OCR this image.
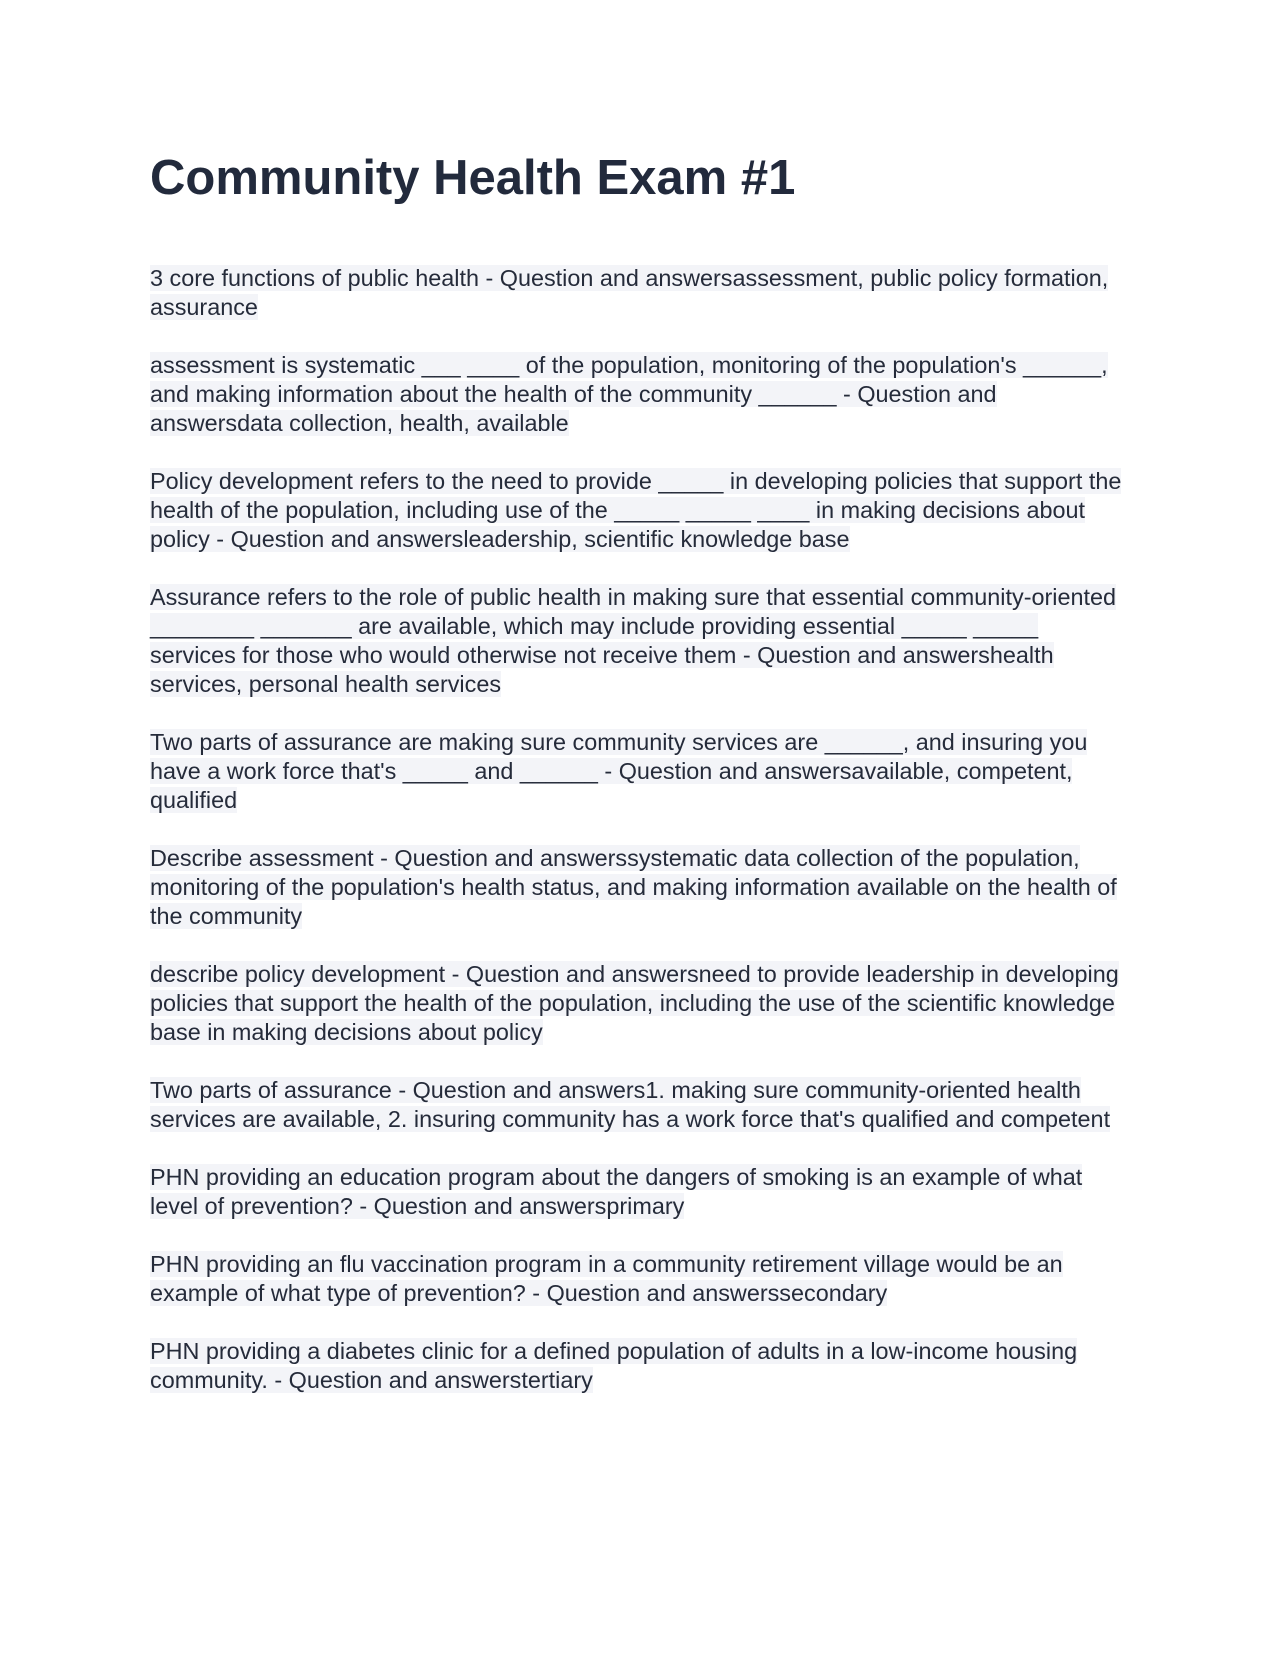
Community Health Exam #1

3 core functions of public health - Question and answersassessment, public policy formation, assurance

assessment is systematic ___ ____ of the population, monitoring of the population's ______, and making information about the health of the community ______ - Question and answersdata collection, health, available

Policy development refers to the need to provide _____ in developing policies that support the health of the population, including use of the _____ _____ ____ in making decisions about policy - Question and answersleadership, scientific knowledge base

Assurance refers to the role of public health in making sure that essential community-oriented ________ _______ are available, which may include providing essential _____ _____ services for those who would otherwise not receive them - Question and answershealth services, personal health services

Two parts of assurance are making sure community services are ______, and insuring you have a work force that's _____ and ______ - Question and answersavailable, competent, qualified

Describe assessment - Question and answerssystematic data collection of the population, monitoring of the population's health status, and making information available on the health of the community

describe policy development - Question and answersneed to provide leadership in developing policies that support the health of the population, including the use of the scientific knowledge base in making decisions about policy

Two parts of assurance - Question and answers1. making sure community-oriented health services are available, 2. insuring community has a work force that's qualified and competent

PHN providing an education program about the dangers of smoking is an example of what level of prevention? - Question and answersprimary

PHN providing an flu vaccination program in a community retirement village would be an example of what type of prevention? - Question and answerssecondary

PHN providing a diabetes clinic for a defined population of adults in a low-income housing community. - Question and answerstertiary
